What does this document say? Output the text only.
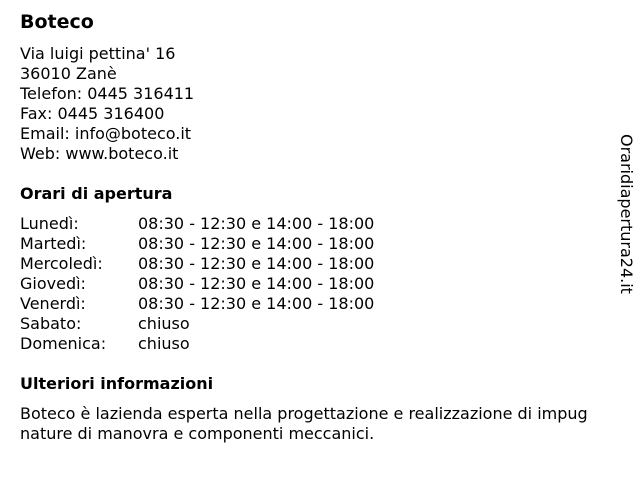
Boteco
Via luigi pettina' 16
36010 Zanè
Telefon: 0445 316411
Fax: 0445 316400
Email: info@boteco.it
Web: www.boteco.it
Orari di apertura
Lunedì:	08:30 - 12:30 e 14:00 - 18:00
Martedì:	08:30 - 12:30 e 14:00 - 18:00
Mercoledì: 08:30 - 12:30 e 14:00 - 18:00
Giovedì:	08:30 - 12:30 e 14:00 - 18:00
Venerdì:	08:30 - 12:30 e 14:00 - 18:00
Sabato:	chiuso
Domenica: chiuso
Ulteriori informazioni
Boteco è lazienda esperta nella progettazione e realizzazione di impug
nature di manovra e componenti meccanici.
Oraridiapertura24.it
